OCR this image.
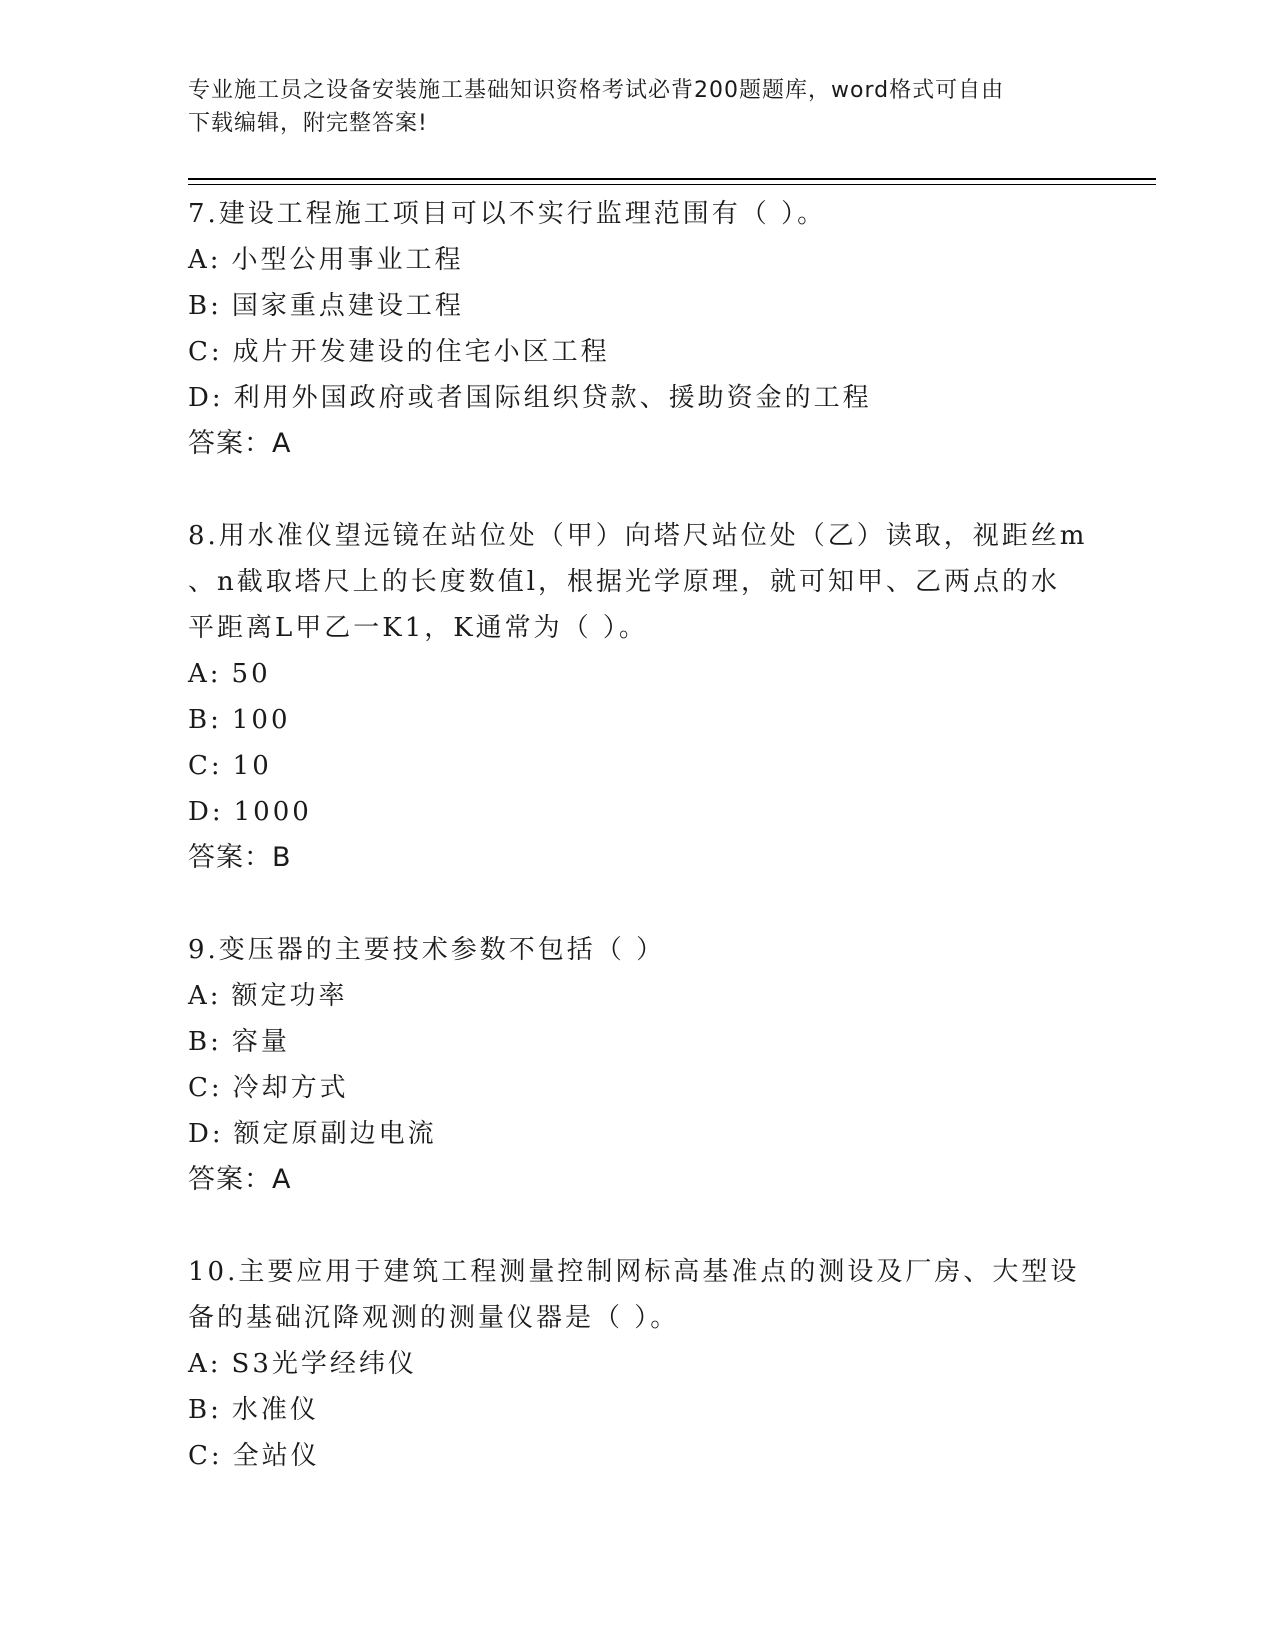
专业施工员之设备安装施工基础知识资格考试必背200题题库，word格式可自由
下载编辑，附完整答案!
7.建设工程施工项目可以不实行监理范围有（ ）。
A: 小型公用事业工程
B: 国家重点建设工程
C: 成片开发建设的住宅小区工程
D: 利用外国政府或者国际组织贷款、援助资金的工程
答案：A
8.用水准仪望远镜在站位处（甲）向塔尺站位处（乙）读取，视距丝m
、n截取塔尺上的长度数值l，根据光学原理，就可知甲、乙两点的水
平距离L甲乙一K1，K通常为（ ）。
A: 50
B: 100
C: 10
D: 1000
答案：B
9.变压器的主要技术参数不包括（ ）
A: 额定功率
B: 容量
C: 冷却方式
D: 额定原副边电流
答案：A
10.主要应用于建筑工程测量控制网标高基准点的测设及厂房、大型设
备的基础沉降观测的测量仪器是（ ）。
A: S3光学经纬仪
B: 水准仪
C: 全站仪
